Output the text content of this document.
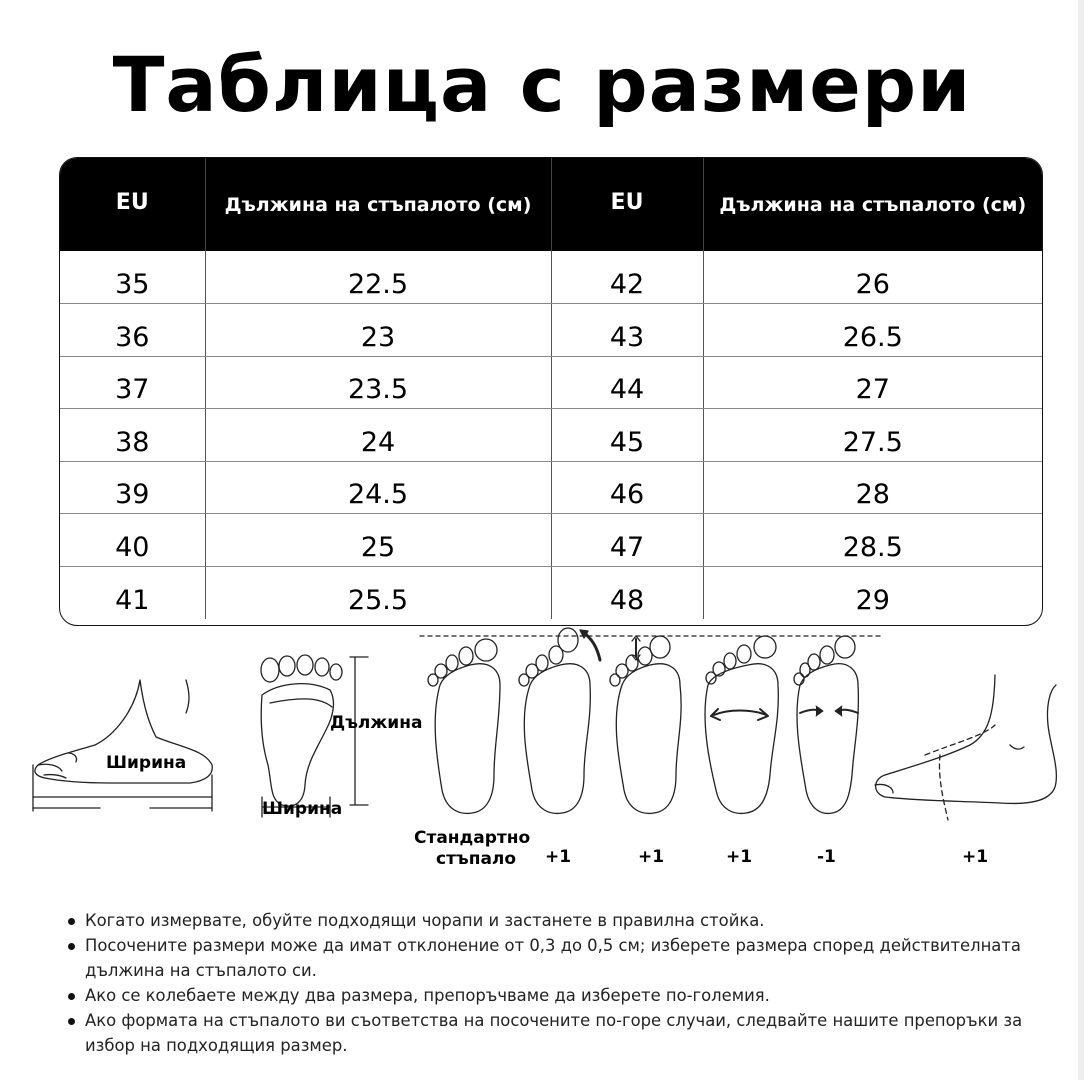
Таблица с размери
EU	Дължина на стъпалото (см)	EU	Дължина на стъпалото (см)
35	22.5	42	26
36	23	43	26.5
37	23.5	44	27
38	24	45	27.5
39	24.5	46	28
40	25	47	28.5
41	25.5	48	29
Ширина
Дължина
Ширина
Стандартно
стъпало +1	+1	+1	-1	+1
Когато измервате, обуйте подходящи чорапи и застанете в правилна стойка.
Посочените размери може да имат отклонение от 0,3 до 0,5 см; изберете размера според действителната дължина на стъпалото си.
Ако се колебаете между два размера, препоръчваме да изберете по-големия.
Ако формата на стъпалото ви съответства на посочените по-горе случаи, следвайте нашите препоръки за избор на подходящия размер.
